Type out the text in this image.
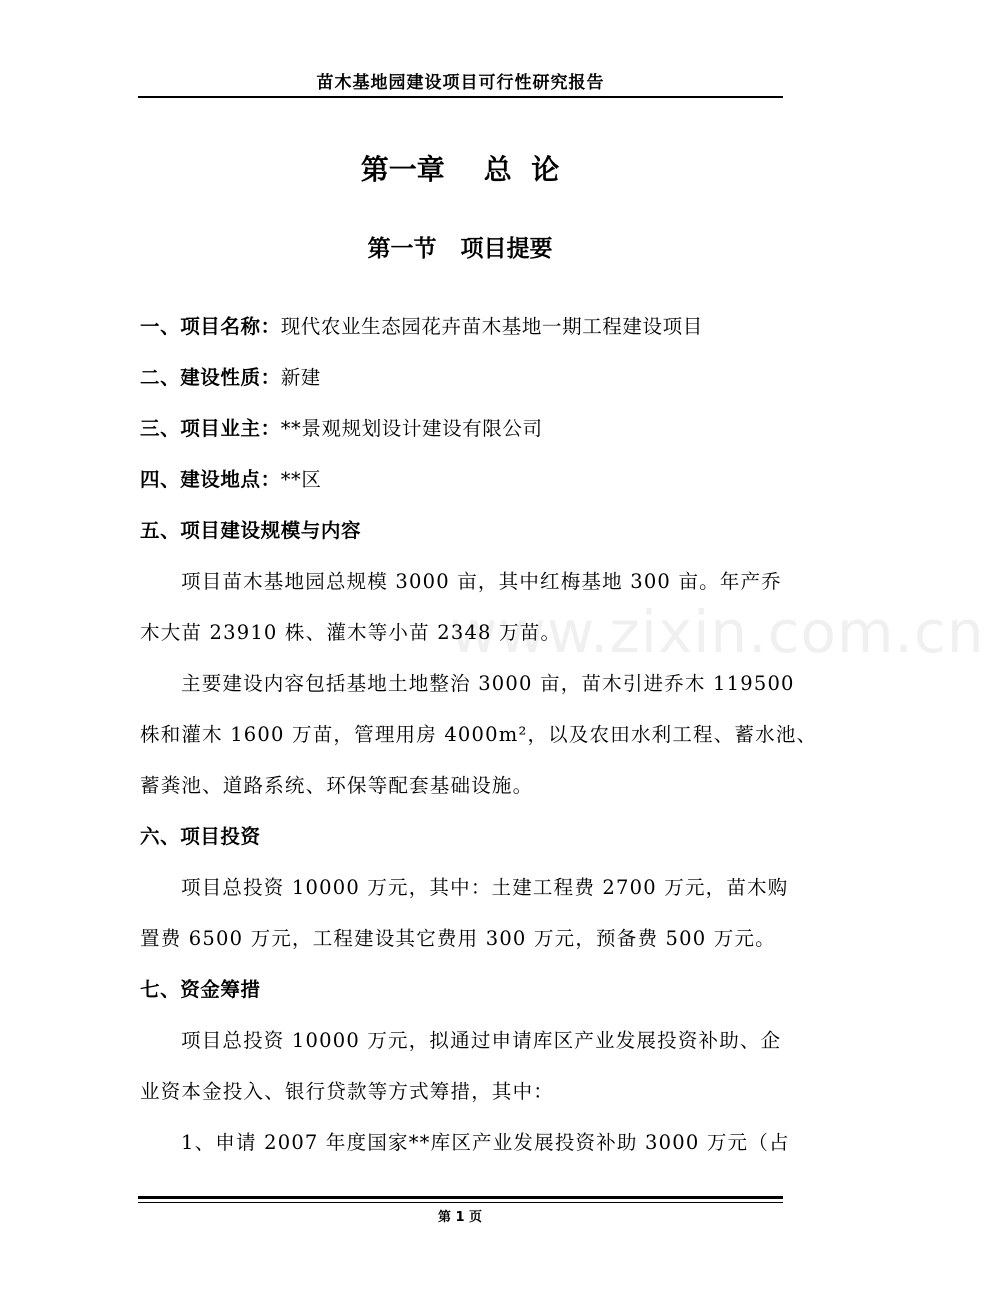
苗木基地园建设项目可行性研究报告
www.zixin.com.cn
第一章    总  论
第一节   项目提要
一、项目名称：现代农业生态园花卉苗木基地一期工程建设项目
二、建设性质：新建
三、项目业主：**景观规划设计建设有限公司
四、建设地点：**区
五、项目建设规模与内容
项目苗木基地园总规模 3000 亩，其中红梅基地 300 亩。年产乔
木大苗 23910 株、灌木等小苗 2348 万苗。
主要建设内容包括基地土地整治 3000 亩，苗木引进乔木 119500
株和灌木 1600 万苗，管理用房 4000m²，以及农田水利工程、蓄水池、
蓄粪池、道路系统、环保等配套基础设施。
六、项目投资
项目总投资 10000 万元，其中：土建工程费 2700 万元，苗木购
置费 6500 万元，工程建设其它费用 300 万元，预备费 500 万元。
七、资金筹措
项目总投资 10000 万元，拟通过申请库区产业发展投资补助、企
业资本金投入、银行贷款等方式筹措，其中：
1、申请 2007 年度国家**库区产业发展投资补助 3000 万元（占
第 1 页
